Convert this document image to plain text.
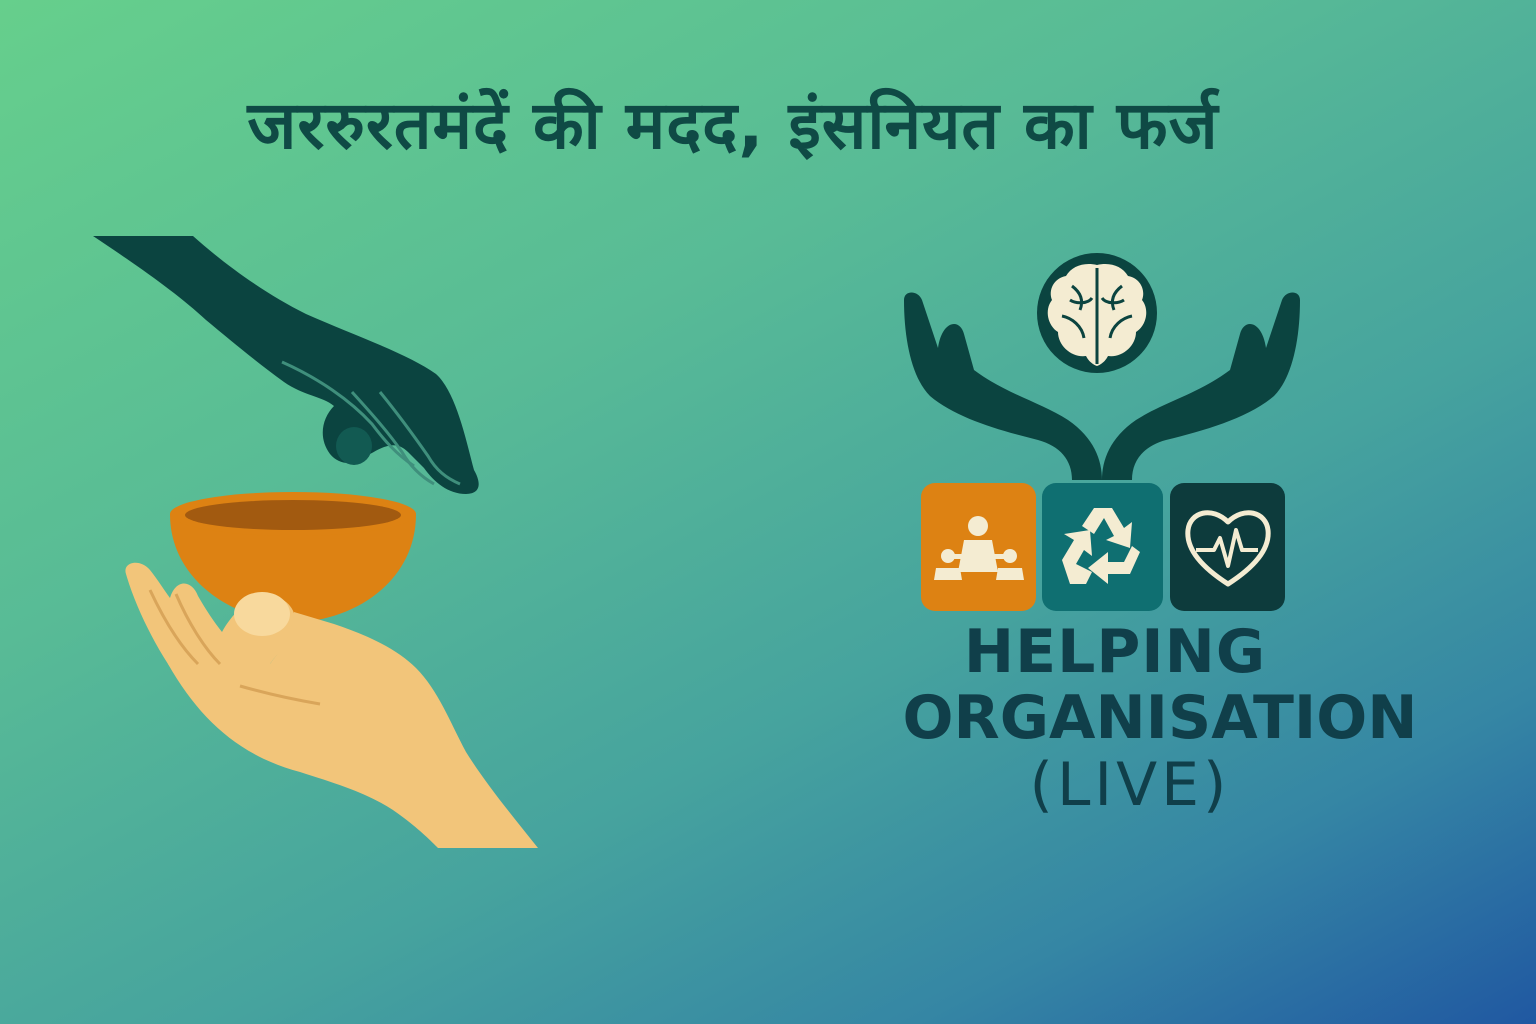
जररुरतमंदें की मदद, इंसनियत का फर्ज
HELPING
ORGANISATION
(LIVE)
